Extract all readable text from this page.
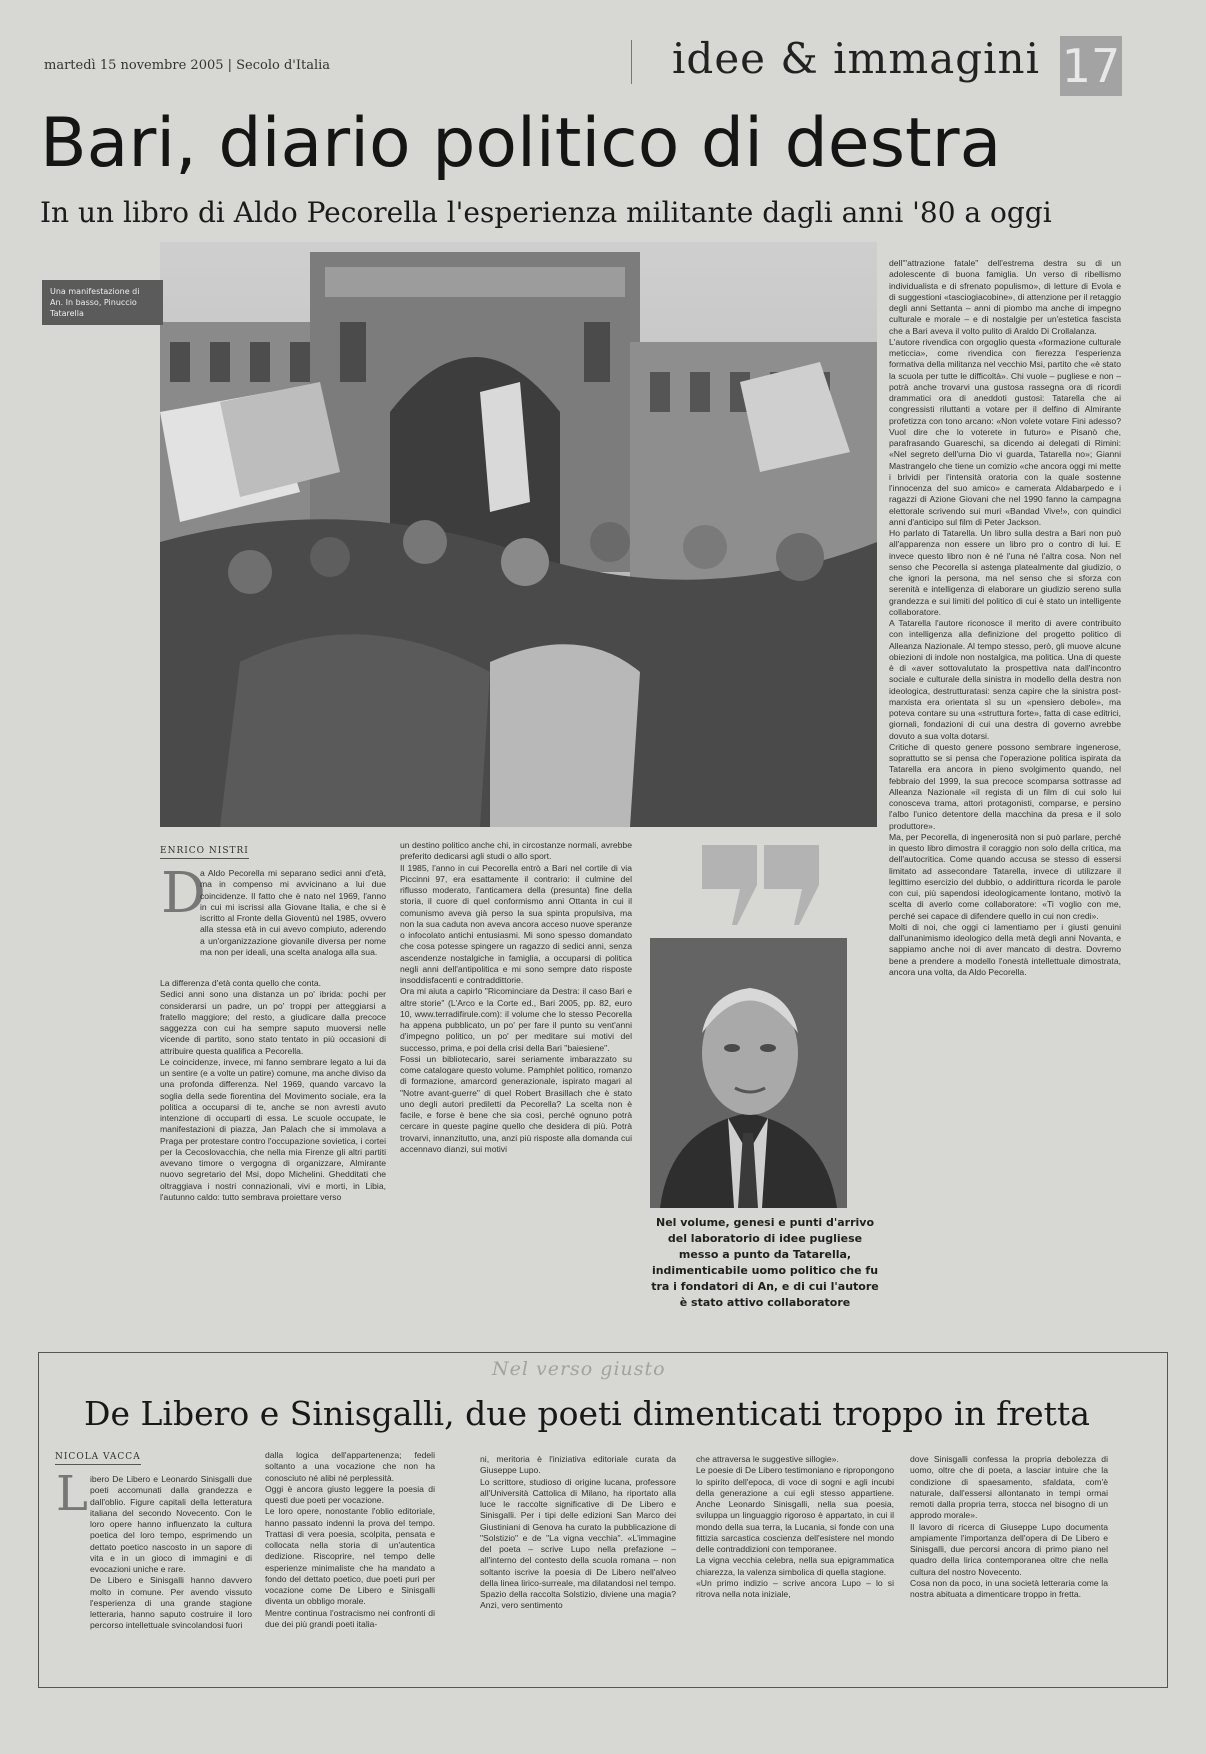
martedì 15 novembre 2005 | Secolo d'Italia	idee & immagini 17
Bari, diario politico di destra
In un libro di Aldo Pecorella l'esperienza militante dagli anni '80 a oggi
Una manifestazione di An. In basso, Pinuccio Tatarella
dell'"attrazione fatale" dell'estrema destra su di un adolescente di buona famiglia. Un verso di ribellismo individualista e di sfrenato populismo», di letture di Evola e di suggestioni «tasciogiacobine», di attenzione per il retaggio degli anni Settanta – anni di piombo ma anche di impegno culturale e morale – e di nostalgie per un'estetica fascista che a Bari aveva il volto pulito di Araldo Di Crollalanza.
L'autore rivendica con orgoglio questa «formazione culturale meticcia», come rivendica con fierezza l'esperienza formativa della militanza nel vecchio Msi, partito che «è stato la scuola per tutte le difficoltà». Chi vuole – pugliese e non – potrà anche trovarvi una gustosa rassegna ora di ricordi drammatici ora di aneddoti gustosi: Tatarella che ai congressisti riluttanti a votare per il delfino di Almirante profetizza con tono arcano: «Non volete votare Fini adesso? Vuol dire che lo voterete in futuro» e Pisanò che, parafrasando Guareschi, sa dicendo ai delegati di Rimini: «Nel segreto dell'urna Dio vi guarda, Tatarella no»; Gianni Mastrangelo che tiene un comizio «che ancora oggi mi mette i brividi per l'intensità oratoria con la quale sostenne l'innocenza del suo amico» e camerata Aldabarpedo e i ragazzi di Azione Giovani che nel 1990 fanno la campagna elettorale scrivendo sui muri «Bandad Vive!», con quindici anni d'anticipo sul film di Peter Jackson.
Ho parlato di Tatarella. Un libro sulla destra a Bari non può all'apparenza non essere un libro pro o contro di lui. E invece questo libro non è né l'una né l'altra cosa. Non nel senso che Pecorella si astenga platealmente dal giudizio, o che ignori la persona, ma nel senso che si sforza con serenità e intelligenza di elaborare un giudizio sereno sulla grandezza e sui limiti del politico di cui è stato un intelligente collaboratore.
A Tatarella l'autore riconosce il merito di avere contribuito con intelligenza alla definizione del progetto politico di Alleanza Nazionale. Al tempo stesso, però, gli muove alcune obiezioni di indole non nostalgica, ma politica. Una di queste è di «aver sottovalutato la prospettiva nata dall'incontro sociale e culturale della sinistra in modello della destra non ideologica, destrutturatasi: senza capire che la sinistra post-marxista era orientata sì su un «pensiero debole», ma poteva contare su una «struttura forte», fatta di case editrici, giornali, fondazioni di cui una destra di governo avrebbe dovuto a sua volta dotarsi.
Critiche di questo genere possono sembrare ingenerose, soprattutto se si pensa che l'operazione politica ispirata da Tatarella era ancora in pieno svolgimento quando, nel febbraio del 1999, la sua precoce scomparsa sottrasse ad Alleanza Nazionale «il regista di un film di cui solo lui conosceva trama, attori protagonisti, comparse, e persino l'albo l'unico detentore della macchina da presa e il solo produttore».
Ma, per Pecorella, di ingenerosità non si può parlare, perché in questo libro dimostra il coraggio non solo della critica, ma dell'autocritica. Come quando accusa se stesso di essersi limitato ad assecondare Tatarella, invece di utilizzare il legittimo esercizio del dubbio, o addirittura ricorda le parole con cui, più sapendosi ideologicamente lontano, motivò la scelta di averlo come collaboratore: «Ti voglio con me, perché sei capace di difendere quello in cui non credi».
Molti di noi, che oggi ci lamentiamo per i giusti genuini dall'unanimismo ideologico della metà degli anni Novanta, e sappiamo anche noi di aver mancato di destra. Dovremo bene a prendere a modello l'onestà intellettuale dimostrata, ancora una volta, da Aldo Pecorella.
ENRICO NISTRI
D
a Aldo Pecorella mi separano sedici anni d'età, ma in compenso mi avvicinano a lui due coincidenze. Il fatto che è nato nel 1969, l'anno in cui mi iscrissi alla Giovane Italia, e che si è iscritto al Fronte della Gioventù nel 1985, ovvero alla stessa età in cui avevo compiuto, aderendo a un'organizzazione giovanile diversa per nome ma non per ideali, una scelta analoga alla sua.
La differenza d'età conta quello che conta.
Sedici anni sono una distanza un po' ibrida: pochi per considerarsi un padre, un po' troppi per atteggiarsi a fratello maggiore; del resto, a giudicare dalla precoce saggezza con cui ha sempre saputo muoversi nelle vicende di partito, sono stato tentato in più occasioni di attribuire questa qualifica a Pecorella.
Le coincidenze, invece, mi fanno sembrare legato a lui da un sentire (e a volte un patire) comune, ma anche diviso da una profonda differenza. Nel 1969, quando varcavo la soglia della sede fiorentina del Movimento sociale, era la politica a occuparsi di te, anche se non avresti avuto intenzione di occuparti di essa. Le scuole occupate, le manifestazioni di piazza, Jan Palach che si immolava a Praga per protestare contro l'occupazione sovietica, i cortei per la Cecoslovacchia, che nella mia Firenze gli altri partiti avevano timore o vergogna di organizzare, Almirante nuovo segretario del Msi, dopo Michelini. Ghedditati che oltraggiava i nostri connazionali, vivi e morti, in Libia, l'autunno caldo: tutto sembrava proiettare verso
un destino politico anche chi, in circostanze normali, avrebbe preferito dedicarsi agli studi o allo sport.
Il 1985, l'anno in cui Pecorella entrò a Bari nel cortile di via Piccinni 97, era esattamente il contrario: il culmine del riflusso moderato, l'anticamera della (presunta) fine della storia, il cuore di quel conformismo anni Ottanta in cui il comunismo aveva già perso la sua spinta propulsiva, ma non la sua caduta non aveva ancora acceso nuove speranze o infocolato antichi entusiasmi. Mi sono spesso domandato che cosa potesse spingere un ragazzo di sedici anni, senza ascendenze nostalgiche in famiglia, a occuparsi di politica negli anni dell'antipolitica e mi sono sempre dato risposte insoddisfacenti e contraddittorie.
Ora mi aiuta a capirlo "Ricominciare da Destra: il caso Bari e altre storie" (L'Arco e la Corte ed., Bari 2005, pp. 82, euro 10, www.terradifirule.com): il volume che lo stesso Pecorella ha appena pubblicato, un po' per fare il punto su vent'anni d'impegno politico, un po' per meditare sui motivi del successo, prima, e poi della crisi della Bari "baiesiene".
Fossi un bibliotecario, sarei seriamente imbarazzato su come catalogare questo volume. Pamphlet politico, romanzo di formazione, amarcord generazionale, ispirato magari al "Notre avant-guerre" di quel Robert Brasillach che è stato uno degli autori prediletti da Pecorella? La scelta non è facile, e forse è bene che sia così, perché ognuno potrà cercare in queste pagine quello che desidera di più. Potrà trovarvi, innanzitutto, una, anzi più risposte alla domanda cui accennavo dianzi, sui motivi
Nel volume, genesi e punti d'arrivo del laboratorio di idee pugliese messo a punto da Tatarella, indimenticabile uomo politico che fu tra i fondatori di An, e di cui l'autore è stato attivo collaboratore
Nel verso giusto
De Libero e Sinisgalli, due poeti dimenticati troppo in fretta
NICOLA VACCA
L ibero De Libero e Leonardo Sinisgalli due poeti accomunati dalla grandezza e dall'oblio. Figure capitali della letteratura italiana del secondo Novecento. Con le loro opere hanno influenzato la cultura poetica del loro tempo, esprimendo un dettato poetico nascosto in un sapore di vita e in un gioco di immagini e di evocazioni uniche e rare.
De Libero e Sinisgalli hanno davvero molto in comune. Per avendo vissuto l'esperienza di una grande stagione letteraria, hanno saputo costruire il loro percorso intellettuale svincolandosi fuori
dalla logica dell'appartenenza; fedeli soltanto a una vocazione che non ha conosciuto né alibi né perplessità.
Oggi è ancora giusto leggere la poesia di questi due poeti per vocazione.
Le loro opere, nonostante l'oblio editoriale, hanno passato indenni la prova del tempo. Trattasi di vera poesia, scolpita, pensata e collocata nella storia di un'autentica dedizione. Riscoprire, nel tempo delle esperienze minimaliste che ha mandato a fondo del dettato poetico, due poeti puri per vocazione come De Libero e Sinisgalli diventa un obbligo morale.
Mentre continua l'ostracismo nei confronti di due dei più grandi poeti italia-
ni, meritoria è l'iniziativa editoriale curata da Giuseppe Lupo.
Lo scrittore, studioso di origine lucana, professore all'Università Cattolica di Milano, ha riportato alla luce le raccolte significative di De Libero e Sinisgalli. Per i tipi delle edizioni San Marco dei Giustiniani di Genova ha curato la pubblicazione di "Solstizio" e de "La vigna vecchia". «L'immagine del poeta – scrive Lupo nella prefazione – all'interno del contesto della scuola romana – non soltanto iscrive la poesia di De Libero nell'alveo della linea lirico-surreale, ma dilatandosi nel tempo. Spazio della raccolta Solstizio, diviene una magia? Anzi, vero sentimento
che attraversa le suggestive sillogie».
Le poesie di De Libero testimoniano e ripropongono lo spirito dell'epoca, di voce di sogni e agli incubi della generazione a cui egli stesso appartiene. Anche Leonardo Sinisgalli, nella sua poesia, sviluppa un linguaggio rigoroso è appartato, in cui il mondo della sua terra, la Lucania, si fonde con una fittizia sarcastica coscienza dell'esistere nel mondo delle contraddizioni con temporanee.
La vigna vecchia celebra, nella sua epigrammatica chiarezza, la valenza simbolica di quella stagione.
«Un primo indizio – scrive ancora Lupo – lo si ritrova nella nota iniziale,
dove Sinisgalli confessa la propria debolezza di uomo, oltre che di poeta, a lasciar intuire che la condizione di spaesamento, sfaldata, com'è naturale, dall'essersi allontanato in tempi ormai remoti dalla propria terra, stocca nel bisogno di un approdo morale».
Il lavoro di ricerca di Giuseppe Lupo documenta ampiamente l'importanza dell'opera di De Libero e Sinisgalli, due percorsi ancora di primo piano nel quadro della lirica contemporanea oltre che nella cultura del nostro Novecento.
Cosa non da poco, in una società letteraria come la nostra abituata a dimenticare troppo in fretta.
